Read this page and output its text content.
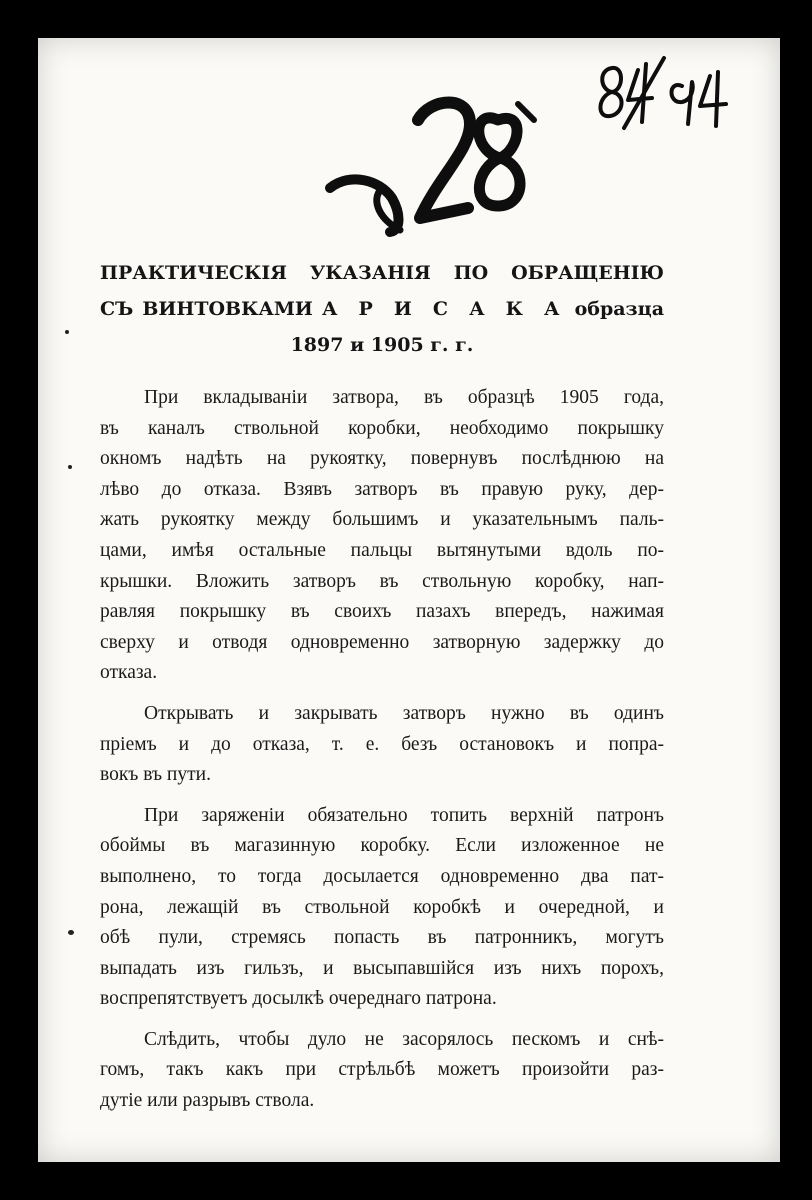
ПРАКТИЧЕСКІЯ УКАЗАНІЯ ПО ОБРАЩЕНІЮ
СЪ ВИНТОВКАМИ А Р И С А К А образца
1897 и 1905 г. г.

При вкладываніи затвора, въ образцѣ 1905 года,
въ каналъ ствольной коробки, необходимо покрышку
окномъ надѣть на рукоятку, повернувъ послѣднюю на
лѣво до отказа. Взявъ затворъ въ правую руку, дер-
жать рукоятку между большимъ и указательнымъ паль-
цами, имѣя остальные пальцы вытянутыми вдоль по-
крышки. Вложить затворъ въ ствольную коробку, нап-
равляя покрышку въ своихъ пазахъ впередъ, нажимая
сверху и отводя одновременно затворную задержку до
отказа.

Открывать и закрывать затворъ нужно въ одинъ
пріемъ и до отказа, т. е. безъ остановокъ и попра-
вокъ въ пути.

При заряженіи обязательно топить верхній патронъ
обоймы въ магазинную коробку. Если изложенное не
выполнено, то тогда досылается одновременно два пат-
рона, лежащій въ ствольной коробкѣ и очередной, и
обѣ пули, стремясь попасть въ патронникъ, могутъ
выпадать изъ гильзъ, и высыпавшійся изъ нихъ порохъ,
воспрепятствуетъ досылкѣ очереднаго патрона.

Слѣдить, чтобы дуло не засорялось пескомъ и снѣ-
гомъ, такъ какъ при стрѣльбѣ можетъ произойти раз-
дутіе или разрывъ ствола.
